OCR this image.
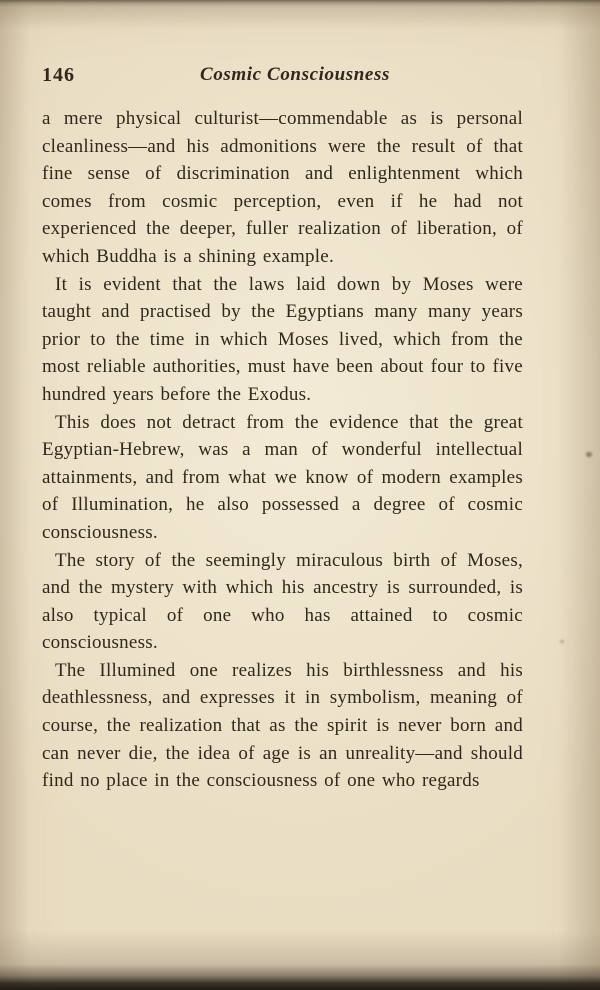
146	Cosmic Consciousness

a mere physical culturist—commendable as is personal cleanliness—and his admonitions were the result of that fine sense of discrimination and enlightenment which comes from cosmic perception, even if he had not experienced the deeper, fuller realization of liberation, of which Buddha is a shining example.

It is evident that the laws laid down by Moses were taught and practised by the Egyptians many many years prior to the time in which Moses lived, which from the most reliable authorities, must have been about four to five hundred years before the Exodus.

This does not detract from the evidence that the great Egyptian-Hebrew, was a man of wonderful intellectual attainments, and from what we know of modern examples of Illumination, he also possessed a degree of cosmic consciousness.

The story of the seemingly miraculous birth of Moses, and the mystery with which his ancestry is surrounded, is also typical of one who has attained to cosmic consciousness.

The Illumined one realizes his birthlessness and his deathlessness, and expresses it in symbolism, meaning of course, the realization that as the spirit is never born and can never die, the idea of age is an unreality—and should find no place in the consciousness of one who regards
